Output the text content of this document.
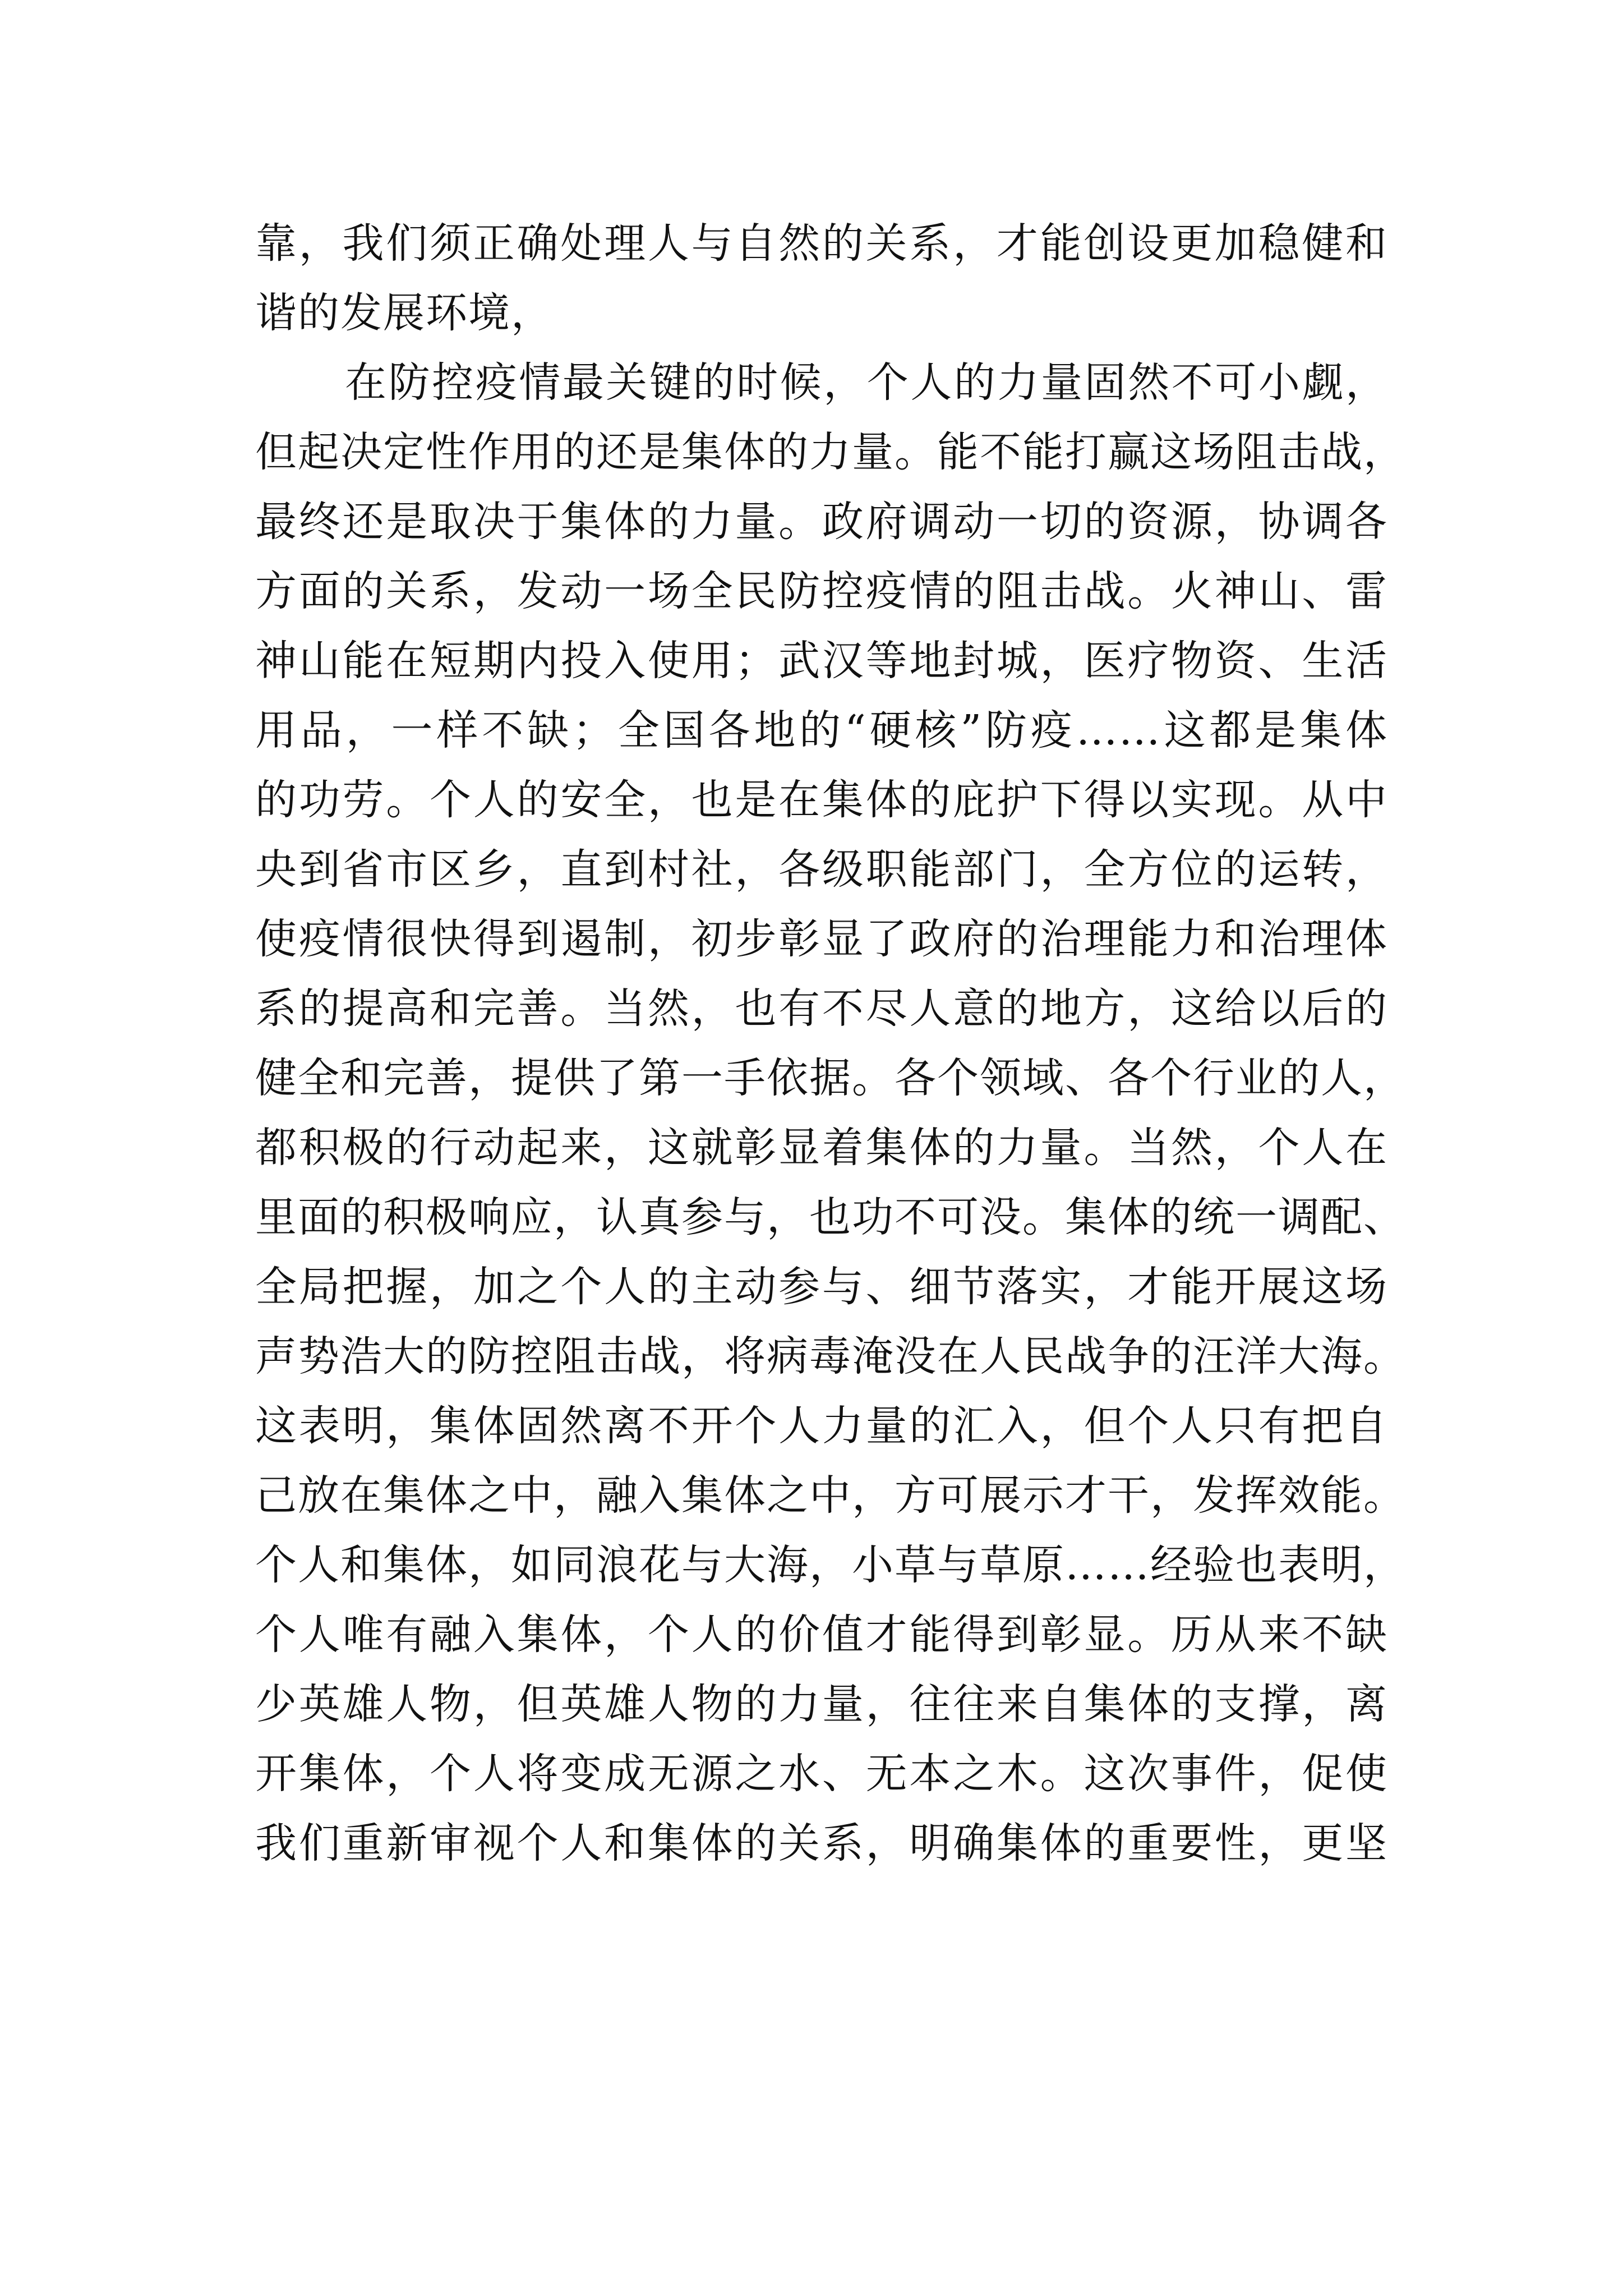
靠，我们须正确处理人与自然的关系，才能创设更加稳健和
谐的发展环境，
在防控疫情最关键的时候，个人的力量固然不可小觑，
但起决定性作用的还是集体的力量。能不能打赢这场阻击战，
最终还是取决于集体的力量。政府调动一切的资源，协调各
方面的关系，发动一场全民防控疫情的阻击战。火神山、雷
神山能在短期内投入使用；武汉等地封城，医疗物资、生活
用品，一样不缺；全国各地的“硬核”防疫……这都是集体
的功劳。个人的安全，也是在集体的庇护下得以实现。从中
央到省市区乡，直到村社，各级职能部门，全方位的运转，
使疫情很快得到遏制，初步彰显了政府的治理能力和治理体
系的提高和完善。当然，也有不尽人意的地方，这给以后的
健全和完善，提供了第一手依据。各个领域、各个行业的人，
都积极的行动起来，这就彰显着集体的力量。当然，个人在
里面的积极响应，认真参与，也功不可没。集体的统一调配、
全局把握，加之个人的主动参与、细节落实，才能开展这场
声势浩大的防控阻击战，将病毒淹没在人民战争的汪洋大海。
这表明，集体固然离不开个人力量的汇入，但个人只有把自
己放在集体之中，融入集体之中，方可展示才干，发挥效能。
个人和集体，如同浪花与大海，小草与草原……经验也表明，
个人唯有融入集体，个人的价值才能得到彰显。历从来不缺
少英雄人物，但英雄人物的力量，往往来自集体的支撑，离
开集体，个人将变成无源之水、无本之木。这次事件，促使
我们重新审视个人和集体的关系，明确集体的重要性，更坚
